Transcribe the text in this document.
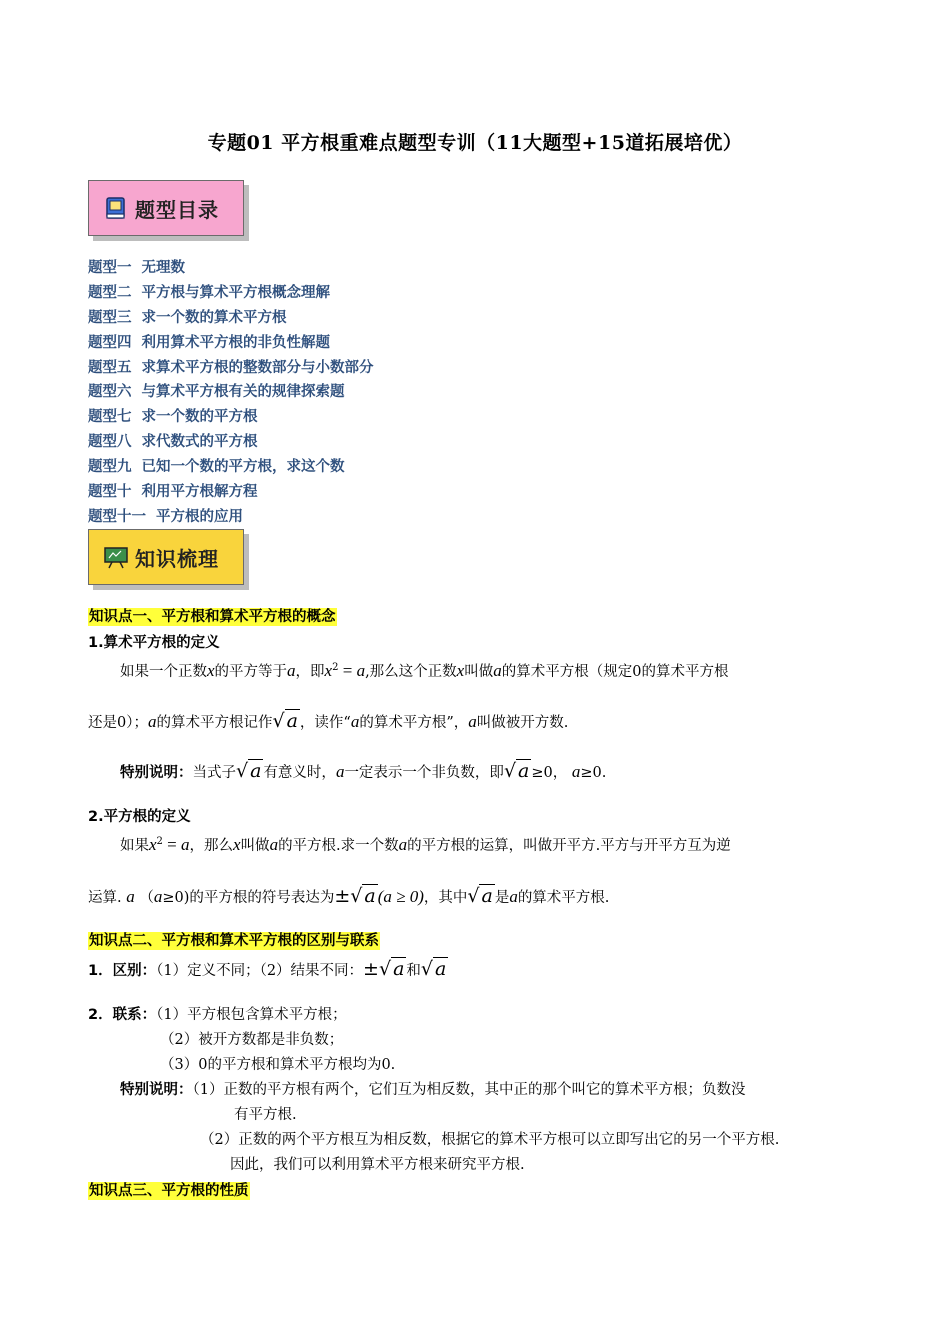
专题01 平方根重难点题型专训（11大题型+15道拓展培优）
题型目录
题型一 无理数
题型二 平方根与算术平方根概念理解
题型三 求一个数的算术平方根
题型四 利用算术平方根的非负性解题
题型五 求算术平方根的整数部分与小数部分
题型六 与算术平方根有关的规律探索题
题型七 求一个数的平方根
题型八 求代数式的平方根
题型九 已知一个数的平方根，求这个数
题型十 利用平方根解方程
题型十一 平方根的应用
知识梳理
知识点一、平方根和算术平方根的概念
1.算术平方根的定义
如果一个正数x的平方等于a，即$x^2 = a$,那么这个正数x叫做a的算术平方根（规定0的算术平方根
还是0）；a的算术平方根记作√ a ，读作“a的算术平方根”，a叫做被开方数.
特别说明：当式子√ a 有意义时，a一定表示一个非负数，即√ a ≥0， a≥0.
2.平方根的定义
如果$x^2 = a$，那么x叫做a的平方根.求一个数a的平方根的运算，叫做开平方.平方与开平方互为逆
运算. a （a≥0)的平方根的符号表达为±√ a (a ≥ 0)，其中√ a 是a的算术平方根.
知识点二、平方根和算术平方根的区别与联系
1．区别：（1）定义不同；（2）结果不同：±√ a 和√ a
2．联系：（1）平方根包含算术平方根；
（2）被开方数都是非负数；
（3）0的平方根和算术平方根均为0.
特别说明：（1）正数的平方根有两个，它们互为相反数，其中正的那个叫它的算术平方根；负数没
有平方根.
（2）正数的两个平方根互为相反数，根据它的算术平方根可以立即写出它的另一个平方根.
因此，我们可以利用算术平方根来研究平方根.
知识点三、平方根的性质
